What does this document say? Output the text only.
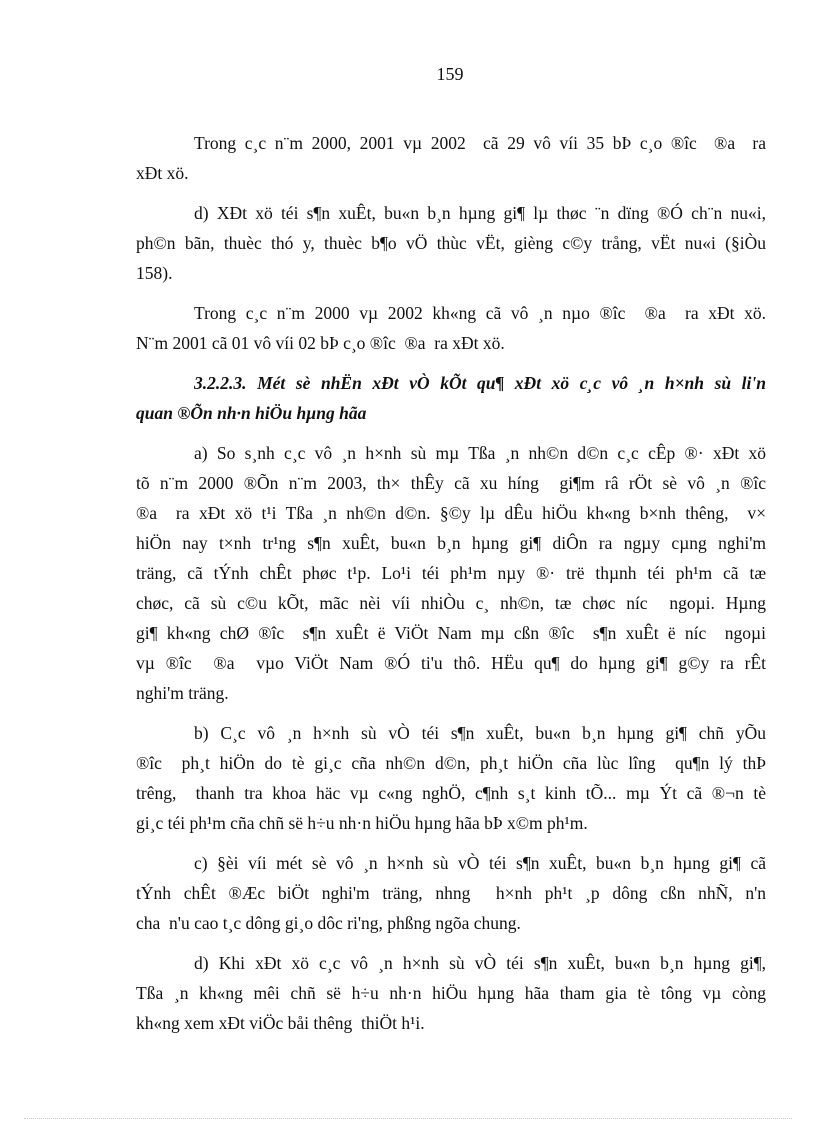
159
Trong c¸c n¨m 2000, 2001 vµ 2002  cã 29 vô víi 35 bÞ c¸o ®îc  ®a  ra
xÐt xö.
d) XÐt xö téi s¶n xuÊt, bu«n b¸n hµng gi¶ lµ thøc ¨n dïng ®Ó ch¨n nu«i,
ph©n bãn, thuèc thó y, thuèc b¶o vÖ thùc vËt, gièng c©y trång, vËt nu«i (§iÒu
158).
Trong c¸c n¨m 2000 vµ 2002 kh«ng cã vô ¸n nµo ®îc  ®a  ra xÐt xö.
N¨m 2001 cã 01 vô víi 02 bÞ c¸o ®îc  ®a  ra xÐt xö.
3.2.2.3. Mét sè nhËn xÐt vÒ kÕt qu¶ xÐt xö c¸c vô ¸n h×nh sù li'n
quan ®Õn nh·n hiÖu hµng hãa
a) So s¸nh c¸c vô ¸n h×nh sù mµ Tßa ¸n nh©n d©n c¸c cÊp ®· xÐt xö
tõ n¨m 2000 ®Õn n¨m 2003, th× thÊy cã xu híng  gi¶m râ rÖt sè vô ¸n ®îc
®a  ra xÐt xö t¹i Tßa ¸n nh©n d©n. §©y lµ dÊu hiÖu kh«ng b×nh thêng,  v×
hiÖn nay t×nh tr¹ng s¶n xuÊt, bu«n b¸n hµng gi¶ diÔn ra ngµy cµng nghi'm
träng, cã tÝnh chÊt phøc t¹p. Lo¹i téi ph¹m nµy ®· trë thµnh téi ph¹m cã tæ
chøc, cã sù c©u kÕt, mãc nèi víi nhiÒu c¸ nh©n, tæ chøc níc  ngoµi. Hµng
gi¶ kh«ng chØ ®îc  s¶n xuÊt ë ViÖt Nam mµ cßn ®îc  s¶n xuÊt ë níc  ngoµi
vµ ®îc  ®a  vµo ViÖt Nam ®Ó ti'u thô. HËu qu¶ do hµng gi¶ g©y ra rÊt
nghi'm träng.
b) C¸c vô ¸n h×nh sù vÒ téi s¶n xuÊt, bu«n b¸n hµng gi¶ chñ yÕu
®îc  ph¸t hiÖn do tè gi¸c cña nh©n d©n, ph¸t hiÖn cña lùc lîng  qu¶n lý thÞ
trêng,  thanh tra khoa häc vµ c«ng nghÖ, c¶nh s¸t kinh tÕ... mµ Ýt cã ®¬n tè
gi¸c téi ph¹m cña chñ së h÷u nh·n hiÖu hµng hãa bÞ x©m ph¹m.
c) §èi víi mét sè vô ¸n h×nh sù vÒ téi s¶n xuÊt, bu«n b¸n hµng gi¶ cã
tÝnh chÊt ®Æc biÖt nghi'm träng, nhng  h×nh ph¹t ¸p dông cßn nhÑ, n'n
cha  n'u cao t¸c dông gi¸o dôc ri'ng, phßng ngõa chung.
d) Khi xÐt xö c¸c vô ¸n h×nh sù vÒ téi s¶n xuÊt, bu«n b¸n hµng gi¶,
Tßa ¸n kh«ng mêi chñ së h÷u nh·n hiÖu hµng hãa tham gia tè tông vµ còng
kh«ng xem xÐt viÖc båi thêng  thiÖt h¹i.
